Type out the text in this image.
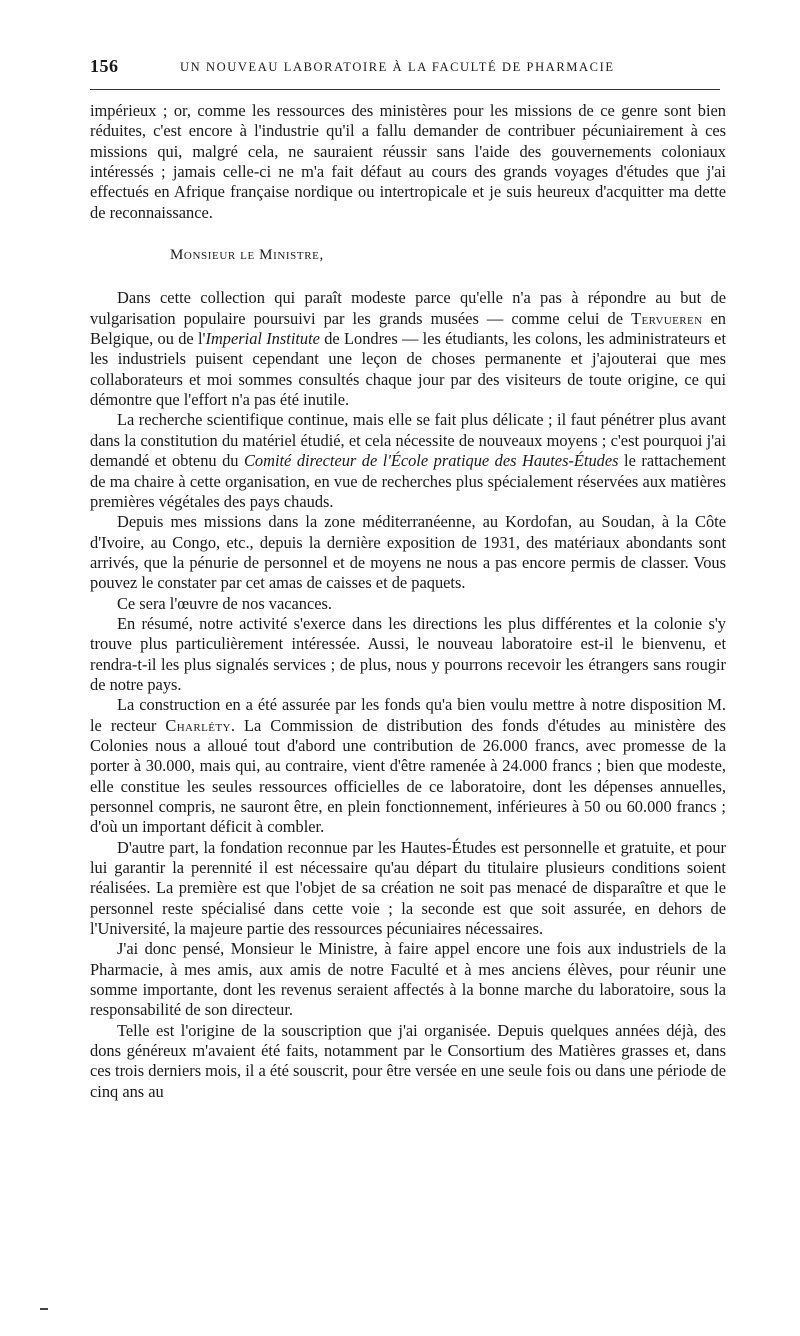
156	UN NOUVEAU LABORATOIRE À LA FACULTÉ DE PHARMACIE

impérieux ; or, comme les ressources des ministères pour les missions de ce genre sont bien réduites, c'est encore à l'industrie qu'il a fallu demander de contribuer pécuniairement à ces missions qui, malgré cela, ne sauraient réussir sans l'aide des gouvernements coloniaux intéressés ; jamais celle-ci ne m'a fait défaut au cours des grands voyages d'études que j'ai effectués en Afrique française nordique ou intertropicale et je suis heureux d'acquitter ma dette de reconnaissance.

Monsieur le Ministre,

Dans cette collection qui paraît modeste parce qu'elle n'a pas à répondre au but de vulgarisation populaire poursuivi par les grands musées — comme celui de Tervueren en Belgique, ou de l'Imperial Institute de Londres — les étudiants, les colons, les administrateurs et les industriels puisent cependant une leçon de choses permanente et j'ajouterai que mes collaborateurs et moi sommes consultés chaque jour par des visiteurs de toute origine, ce qui démontre que l'effort n'a pas été inutile.

La recherche scientifique continue, mais elle se fait plus délicate ; il faut pénétrer plus avant dans la constitution du matériel étudié, et cela nécessite de nouveaux moyens ; c'est pourquoi j'ai demandé et obtenu du Comité directeur de l'École pratique des Hautes-Études le rattachement de ma chaire à cette organisation, en vue de recherches plus spécialement réservées aux matières premières végétales des pays chauds.

Depuis mes missions dans la zone méditerranéenne, au Kordofan, au Soudan, à la Côte d'Ivoire, au Congo, etc., depuis la dernière exposition de 1931, des matériaux abondants sont arrivés, que la pénurie de personnel et de moyens ne nous a pas encore permis de classer. Vous pouvez le constater par cet amas de caisses et de paquets.

Ce sera l'œuvre de nos vacances.

En résumé, notre activité s'exerce dans les directions les plus différentes et la colonie s'y trouve plus particulièrement intéressée. Aussi, le nouveau laboratoire est-il le bienvenu, et rendra-t-il les plus signalés services ; de plus, nous y pourrons recevoir les étrangers sans rougir de notre pays.

La construction en a été assurée par les fonds qu'a bien voulu mettre à notre disposition M. le recteur Charléty. La Commission de distribution des fonds d'études au ministère des Colonies nous a alloué tout d'abord une contribution de 26.000 francs, avec promesse de la porter à 30.000, mais qui, au contraire, vient d'être ramenée à 24.000 francs ; bien que modeste, elle constitue les seules ressources officielles de ce laboratoire, dont les dépenses annuelles, personnel compris, ne sauront être, en plein fonctionnement, inférieures à 50 ou 60.000 francs ; d'où un important déficit à combler.

D'autre part, la fondation reconnue par les Hautes-Études est personnelle et gratuite, et pour lui garantir la perennité il est nécessaire qu'au départ du titulaire plusieurs conditions soient réalisées. La première est que l'objet de sa création ne soit pas menacé de disparaître et que le personnel reste spécialisé dans cette voie ; la seconde est que soit assurée, en dehors de l'Université, la majeure partie des ressources pécuniaires nécessaires.

J'ai donc pensé, Monsieur le Ministre, à faire appel encore une fois aux industriels de la Pharmacie, à mes amis, aux amis de notre Faculté et à mes anciens élèves, pour réunir une somme importante, dont les revenus seraient affectés à la bonne marche du laboratoire, sous la responsabilité de son directeur.

Telle est l'origine de la souscription que j'ai organisée. Depuis quelques années déjà, des dons généreux m'avaient été faits, notamment par le Consortium des Matières grasses et, dans ces trois derniers mois, il a été souscrit, pour être versée en une seule fois ou dans une période de cinq ans au
